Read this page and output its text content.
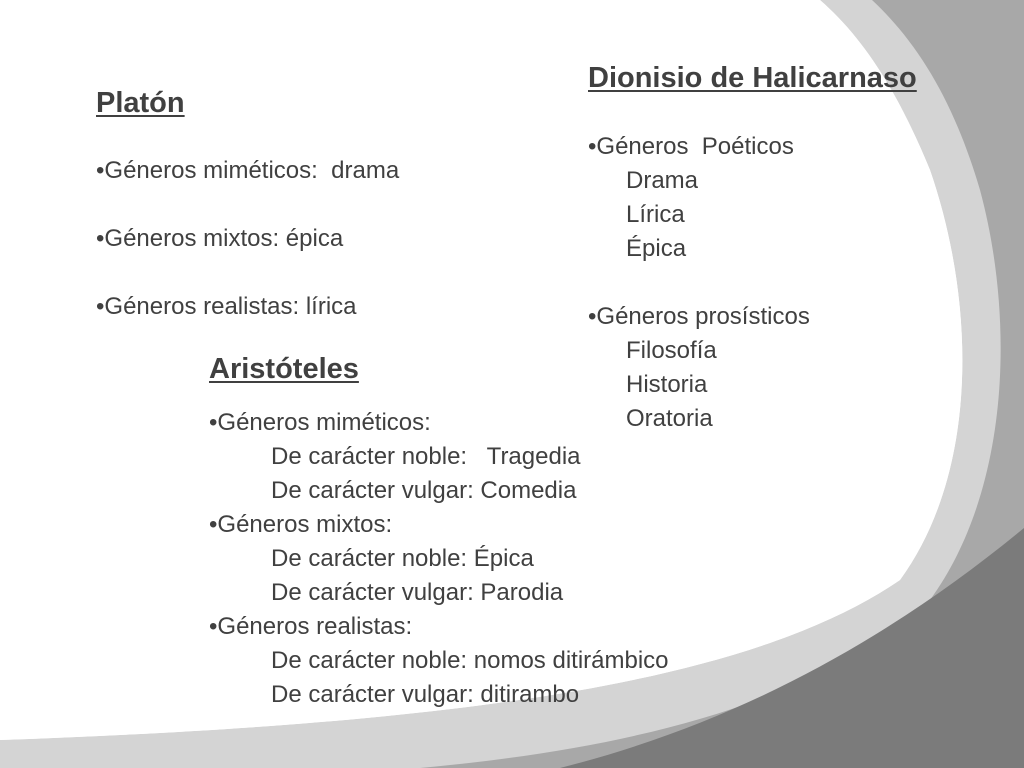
Platón
•Géneros miméticos:  drama
•Géneros mixtos: épica
•Géneros realistas: lírica
Dionisio de Halicarnaso
•Géneros  Poéticos
Drama
Lírica
Épica
•Géneros prosísticos
Filosofía
Historia
Oratoria
Aristóteles
•Géneros miméticos:
De carácter noble:   Tragedia
De carácter vulgar: Comedia
•Géneros mixtos:
De carácter noble: Épica
De carácter vulgar: Parodia
•Géneros realistas:
De carácter noble: nomos ditirámbico
De carácter vulgar: ditirambo
